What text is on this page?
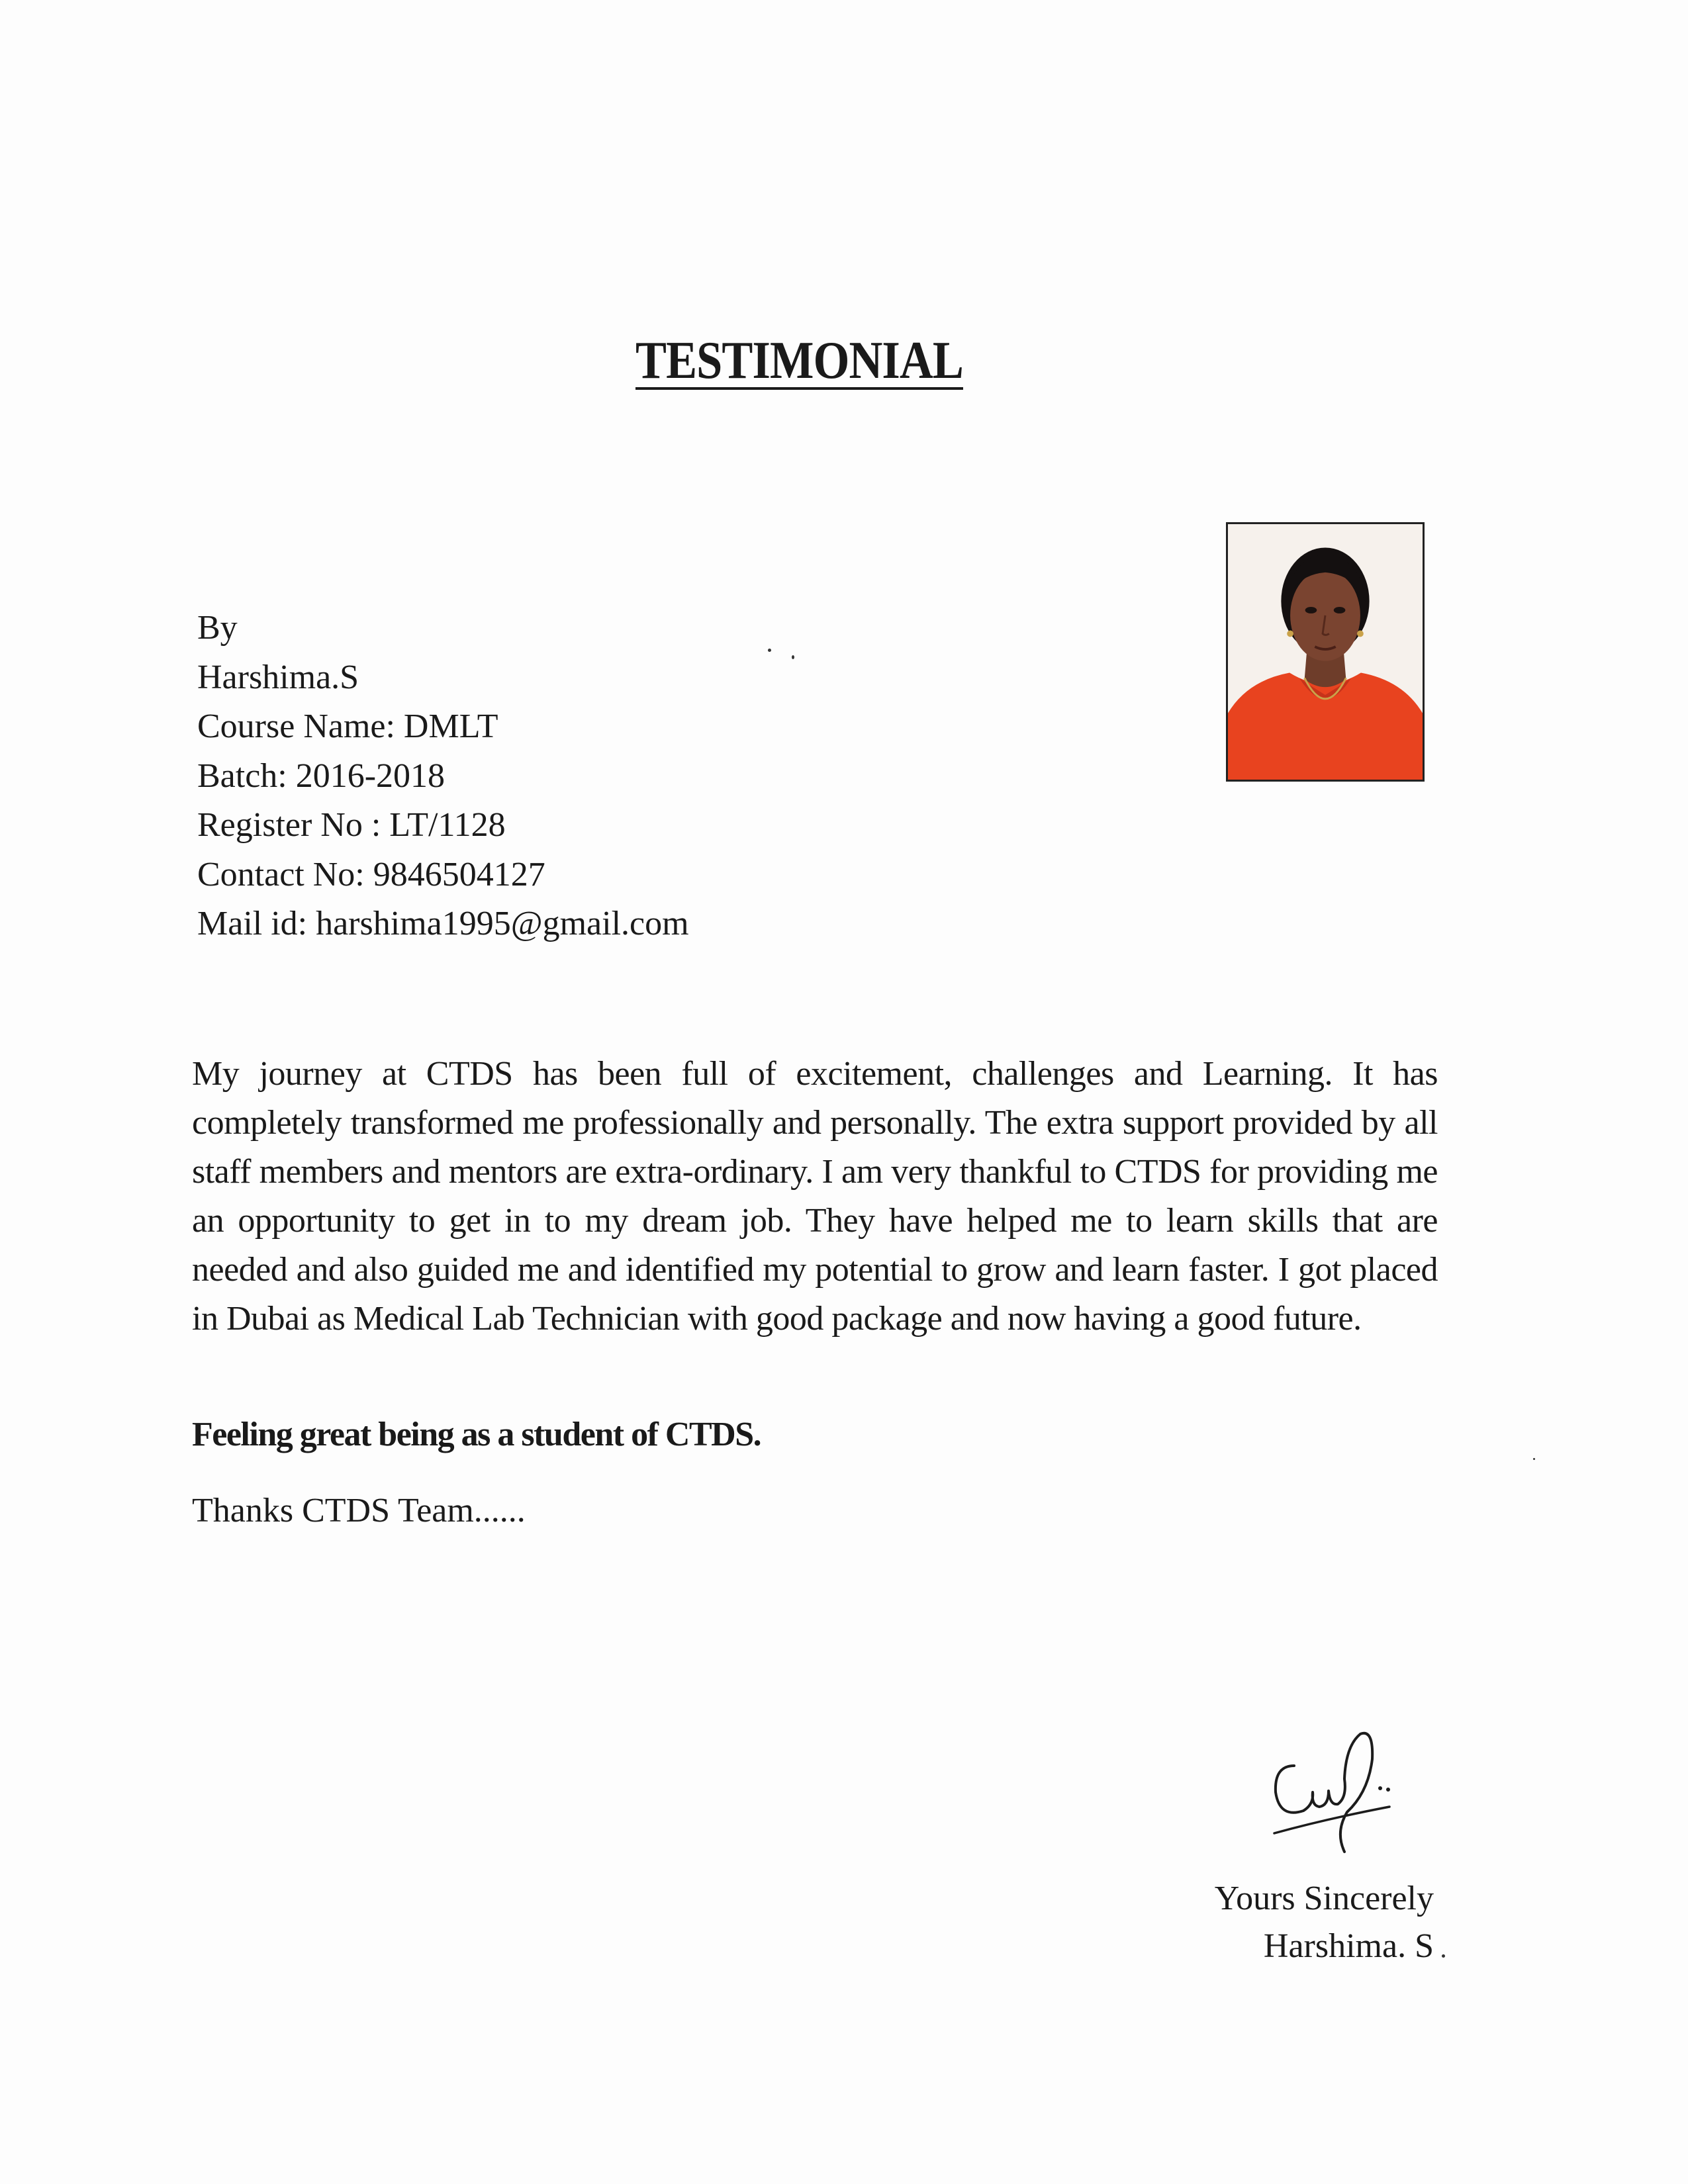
TESTIMONIAL
By
Harshima.S
Course Name: DMLT
Batch: 2016-2018
Register No : LT/1128
Contact No: 9846504127
Mail id: harshima1995@gmail.com
My journey at CTDS has been full of excitement, challenges and Learning. It has completely transformed me professionally and personally. The extra support provided by all staff members and mentors are extra-ordinary. I am very thankful to CTDS for providing me an opportunity to get in to my dream job. They have helped me to learn skills that are needed and also guided me and identified my potential to grow and learn faster. I got placed in Dubai as Medical Lab Technician with good package and now having a good future.
Feeling great being as a student of CTDS.
Thanks CTDS Team......
Yours Sincerely
Harshima. S
